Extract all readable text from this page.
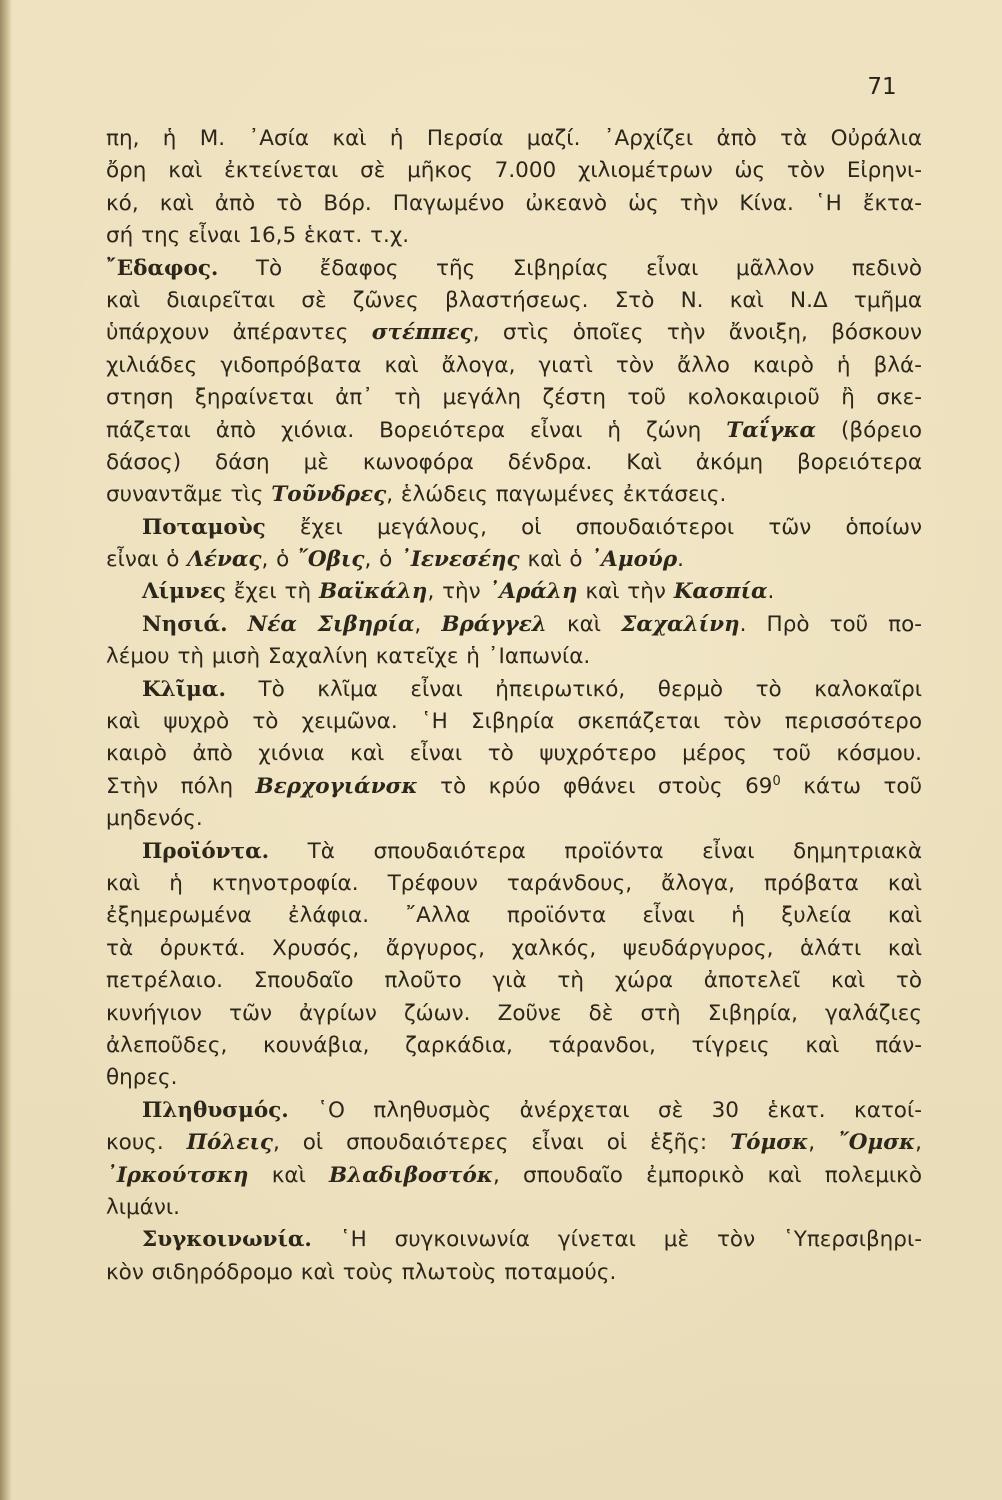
71
πη, ἡ Μ. ᾿Ασία καὶ ἡ Περσία μαζί. ᾿Αρχίζει ἀπὸ τὰ Οὐράλια
ὄρη καὶ ἐκτείνεται σὲ μῆκος 7.000 χιλιομέτρων ὡς τὸν Εἰρηνι-
κό, καὶ ἀπὸ τὸ Βόρ. Παγωμένο ὠκεανὸ ὡς τὴν Κίνα. ῾Η ἔκτα-
σή της εἶναι 16,5 ἑκατ. τ.χ.
῎Εδαφος. Τὸ ἔδαφος τῆς Σιβηρίας εἶναι μᾶλλον πεδινὸ
καὶ διαιρεῖται σὲ ζῶνες βλαστήσεως. Στὸ Ν. καὶ Ν.Δ τμῆμα
ὑπάρχουν ἀπέραντες στέππες, στὶς ὁποῖες τὴν ἄνοιξη, βόσκουν
χιλιάδες γιδοπρόβατα καὶ ἄλογα, γιατὶ τὸν ἄλλο καιρὸ ἡ βλά-
στηση ξηραίνεται ἀπ᾿ τὴ μεγάλη ζέστη τοῦ κολοκαιριοῦ ἢ σκε-
πάζεται ἀπὸ χιόνια. Βορειότερα εἶναι ἡ ζώνη Ταΐγκα (βόρειο
δάσος) δάση μὲ κωνοφόρα δένδρα. Καὶ ἀκόμη βορειότερα
συναντᾶμε τὶς Τοῦνδρες, ἑλώδεις παγωμένες ἐκτάσεις.
Ποταμοὺς ἔχει μεγάλους, οἱ σπουδαιότεροι τῶν ὁποίων
εἶναι ὁ Λένας, ὁ ῎Οβις, ὁ ᾿Ιενεσέης καὶ ὁ ᾿Αμούρ.
Λίμνες ἔχει τὴ Βαϊκάλη, τὴν ᾿Αράλη καὶ τὴν Κασπία.
Νησιά. Νέα Σιβηρία, Βράγγελ καὶ Σαχαλίνη. Πρὸ τοῦ πο-
λέμου τὴ μισὴ Σαχαλίνη κατεῖχε ἡ ᾿Ιαπωνία.
Κλῖμα. Τὸ κλῖμα εἶναι ἠπειρωτικό, θερμὸ τὸ καλοκαῖρι
καὶ ψυχρὸ τὸ χειμῶνα. ῾Η Σιβηρία σκεπάζεται τὸν περισσότερο
καιρὸ ἀπὸ χιόνια καὶ εἶναι τὸ ψυχρότερο μέρος τοῦ κόσμου.
Στὴν πόλη Βερχογιάνσκ τὸ κρύο φθάνει στοὺς $69^0$ κάτω τοῦ
μηδενός.
Προϊόντα. Τὰ σπουδαιότερα προϊόντα εἶναι δημητριακὰ
καὶ ἡ κτηνοτροφία. Τρέφουν ταράνδους, ἄλογα, πρόβατα καὶ
ἐξημερωμένα ἐλάφια. ῎Αλλα προϊόντα εἶναι ἡ ξυλεία καὶ
τὰ ὀρυκτά. Χρυσός, ἄργυρος, χαλκός, ψευδάργυρος, ἁλάτι καὶ
πετρέλαιο. Σπουδαῖο πλοῦτο γιὰ τὴ χώρα ἀποτελεῖ καὶ τὸ
κυνήγιον τῶν ἀγρίων ζώων. Ζοῦνε δὲ στὴ Σιβηρία, γαλάζιες
ἀλεποῦδες, κουνάβια, ζαρκάδια, τάρανδοι, τίγρεις καὶ πάν-
θηρες.
Πληθυσμός. ῾Ο πληθυσμὸς ἀνέρχεται σὲ 30 ἑκατ. κατοί-
κους. Πόλεις, οἱ σπουδαιότερες εἶναι οἱ ἑξῆς: Τόμσκ, ῎Ομσκ,
᾿Ιρκούτσκη καὶ Βλαδιβοστόκ, σπουδαῖο ἐμπορικὸ καὶ πολεμικὸ
λιμάνι.
Συγκοινωνία. ῾Η συγκοινωνία γίνεται μὲ τὸν ῾Υπερσιβηρι-
κὸν σιδηρόδρομο καὶ τοὺς πλωτοὺς ποταμούς.
